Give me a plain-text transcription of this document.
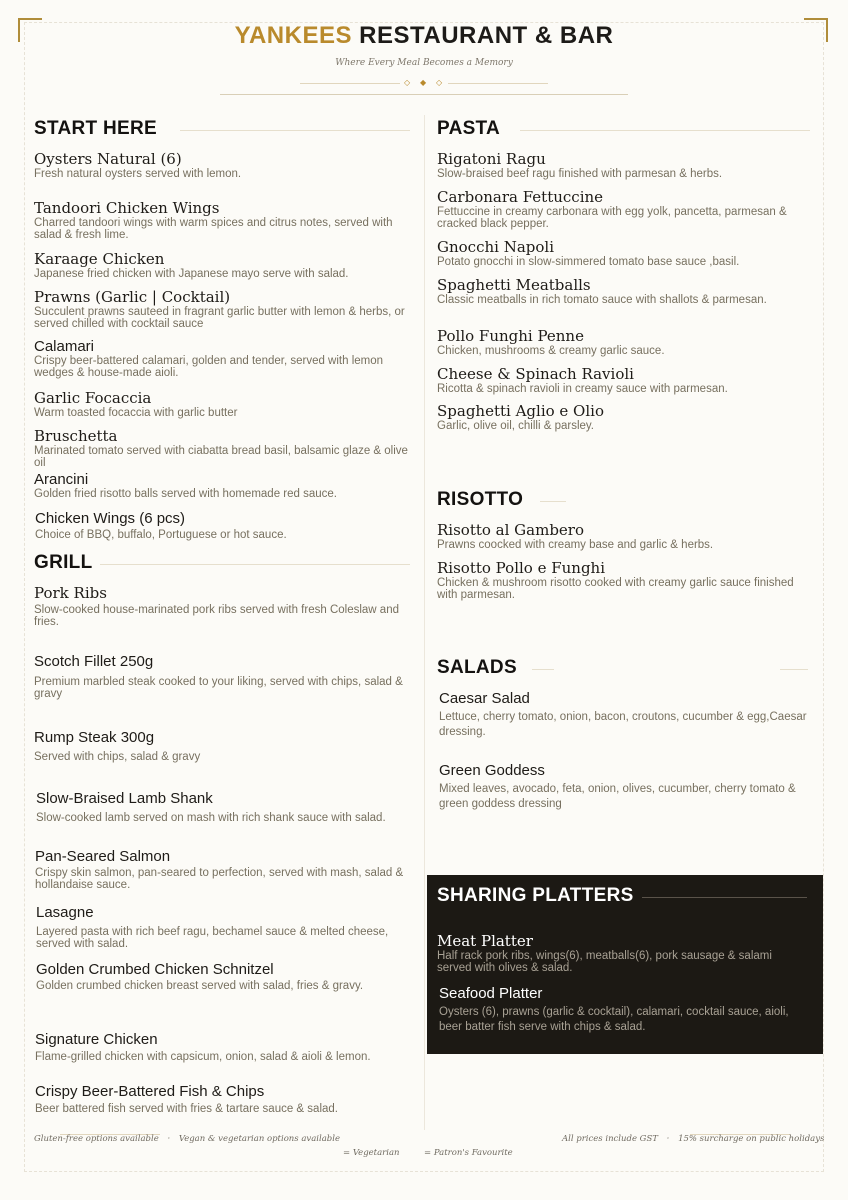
YANKEES RESTAURANT & BAR
Where Every Meal Becomes a Memory
◇ ◆ ◇
START HERE
Oysters Natural (6)
Fresh natural oysters served with lemon.
Tandoori Chicken Wings
Charred tandoori wings with warm spices and citrus notes, served with salad & fresh lime.
Karaage Chicken
Japanese fried chicken with Japanese mayo serve with salad.
Prawns (Garlic | Cocktail)
Succulent prawns sauteed in fragrant garlic butter with lemon & herbs, or served chilled with cocktail sauce
Calamari
Crispy beer-battered calamari, golden and tender, served with lemon wedges & house-made aioli.
Garlic Focaccia
Warm toasted focaccia with garlic butter
Bruschetta
Marinated tomato served with ciabatta bread basil, balsamic glaze & olive oil
Arancini
Golden fried risotto balls served with homemade red sauce.
Chicken Wings (6 pcs)
Choice of BBQ, buffalo, Portuguese or hot sauce.
GRILL
Pork Ribs
Slow-cooked house-marinated pork ribs served with fresh Coleslaw and fries.
Scotch Fillet 250g
Premium marbled steak cooked to your liking, served with chips, salad & gravy
Rump Steak 300g
Served with chips, salad & gravy
Slow-Braised Lamb Shank
Slow-cooked lamb served on mash with rich shank sauce with salad.
Pan-Seared Salmon
Crispy skin salmon, pan-seared to perfection, served with mash, salad & hollandaise sauce.
Lasagne
Layered pasta with rich beef ragu, bechamel sauce & melted cheese, served with salad.
Golden Crumbed Chicken Schnitzel
Golden crumbed chicken breast served with salad, fries & gravy.
Signature Chicken
Flame-grilled chicken with capsicum, onion, salad & aioli & lemon.
Crispy Beer-Battered Fish & Chips
Beer battered fish served with fries & tartare sauce & salad.
PASTA
Rigatoni Ragu
Slow-braised beef ragu finished with parmesan & herbs.
Carbonara Fettuccine
Fettuccine in creamy carbonara with egg yolk, pancetta, parmesan & cracked black pepper.
Gnocchi Napoli
Potato gnocchi in slow-simmered tomato base sauce ,basil.
Spaghetti Meatballs
Classic meatballs in rich tomato sauce with shallots & parmesan.
Pollo Funghi Penne
Chicken, mushrooms & creamy garlic sauce.
Cheese & Spinach Ravioli
Ricotta & spinach ravioli in creamy sauce with parmesan.
Spaghetti Aglio e Olio
Garlic, olive oil, chilli & parsley.
RISOTTO
Risotto al Gambero
Prawns coocked with creamy base and garlic & herbs.
Risotto Pollo e Funghi
Chicken & mushroom risotto cooked with creamy garlic sauce finished with parmesan.
SALADS
Caesar Salad
Lettuce, cherry tomato, onion, bacon, croutons, cucumber & egg,Caesar dressing.
Green Goddess
Mixed leaves, avocado, feta, onion, olives, cucumber, cherry tomato & green goddess dressing
SHARING PLATTERS
Meat Platter
Half rack pork ribs, wings(6), meatballs(6), pork sausage & salami served with olives & salad.
Seafood Platter
Oysters (6), prawns (garlic & cocktail), calamari, cocktail sauce, aioli, beer batter fish serve with chips & salad.
Gluten-free options available · Vegan & vegetarian options available	All prices include GST · 15% surcharge on public holidays
= Vegetarian	= Patron's Favourite
